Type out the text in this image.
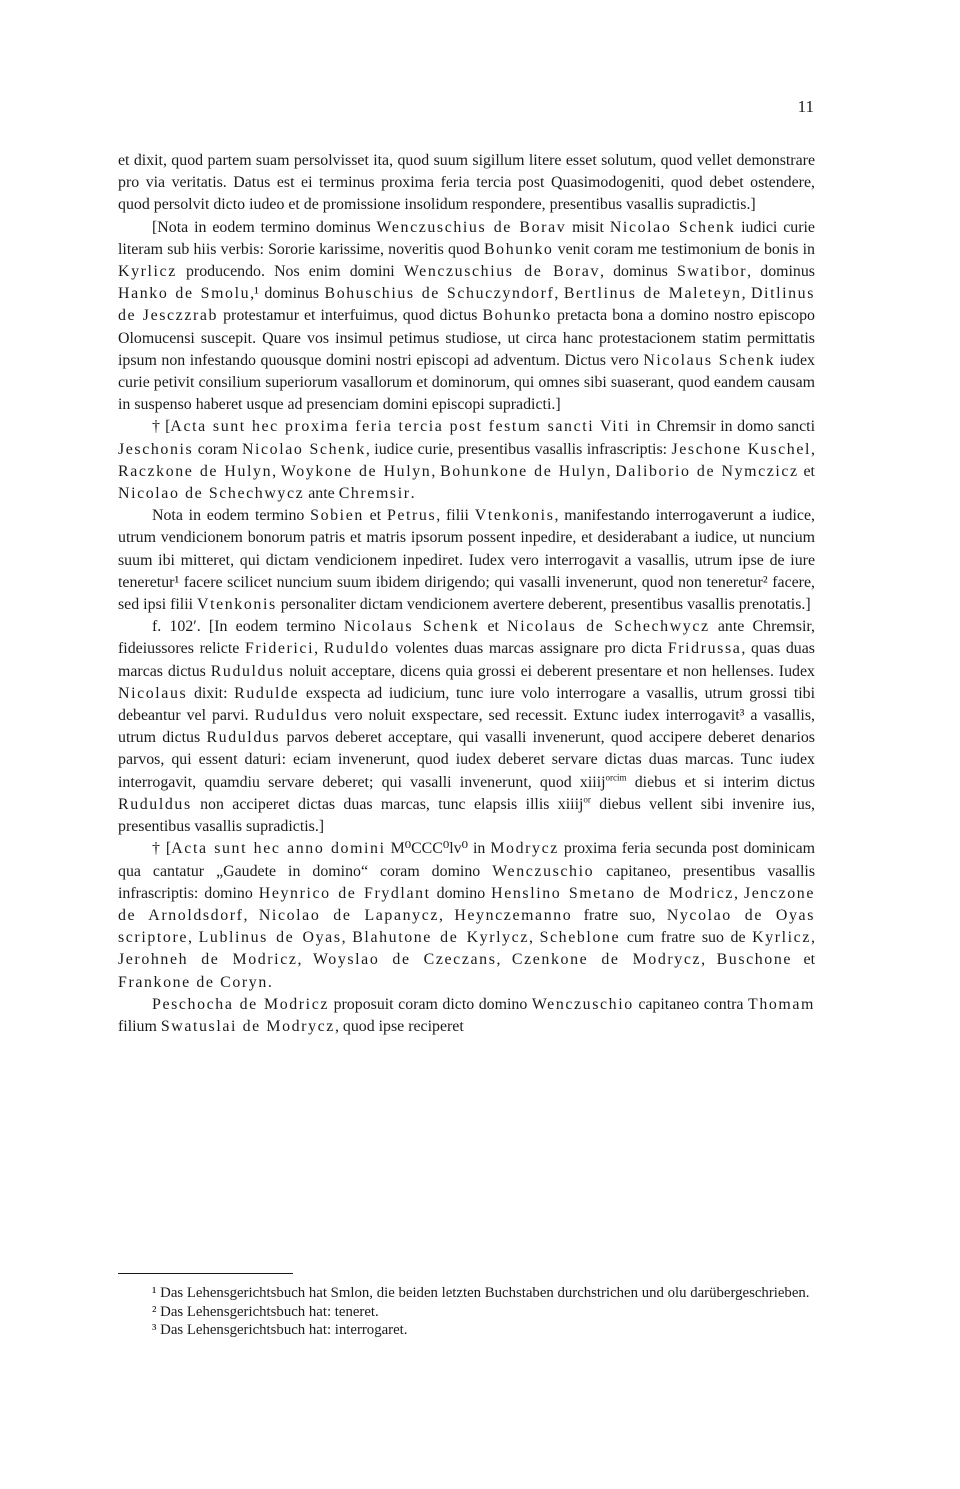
11

et dixit, quod partem suam persolvisset ita, quod suum sigillum litere esset solutum, quod vellet demonstrare pro via veritatis. Datus est ei terminus proxima feria tercia post Quasimodogeniti, quod debet ostendere, quod persolvit dicto iudeo et de promissione insolidum respondere, presentibus vasallis supradictis.]

[Nota in eodem termino dominus Wenczuschius de Borav misit Nicolao Schenk iudici curie literam sub hiis verbis: Sororie karissime, noveritis quod Bohunko venit coram me testimonium de bonis in Kyrlicz producendo. Nos enim domini Wenczuschius de Borav, dominus Swatibor, dominus Hanko de Smolu,¹ dominus Bohuschius de Schuczyndorf, Bertlinus de Maleteyn, Ditlinus de Jesczzrab protestamur et interfuimus, quod dictus Bohunko pretacta bona a domino nostro episcopo Olomucensi suscepit. Quare vos insimul petimus studiose, ut circa hanc protestacionem statim permittatis ipsum non infestando quousque domini nostri episcopi ad adventum. Dictus vero Nicolaus Schenk iudex curie petivit consilium superiorum vasallorum et dominorum, qui omnes sibi suaserant, quod eandem causam in suspenso haberet usque ad presenciam domini episcopi supradicti.]

† [Acta sunt hec proxima feria tercia post festum sancti Viti in Chremsir in domo sancti Jeschonis coram Nicolao Schenk, iudice curie, presentibus vasallis infrascriptis: Jeschone Kuschel, Raczkone de Hulyn, Woykone de Hulyn, Bohunkone de Hulyn, Daliborio de Nymczicz et Nicolao de Schechwycz ante Chremsir.

Nota in eodem termino Sobien et Petrus, filii Vtenkonis, manifestando interrogaverunt a iudice, utrum vendicionem bonorum patris et matris ipsorum possent inpedire, et desiderabant a iudice, ut nuncium suum ibi mitteret, qui dictam vendicionem inpediret. Iudex vero interrogavit a vasallis, utrum ipse de iure teneretur¹ facere scilicet nuncium suum ibidem dirigendo; qui vasalli invenerunt, quod non teneretur² facere, sed ipsi filii Vtenkonis personaliter dictam vendicionem avertere deberent, presentibus vasallis prenotatis.]

f. 102′. [In eodem termino Nicolaus Schenk et Nicolaus de Schechwycz ante Chremsir, fideiussores relicte Friderici, Ruduldo volentes duas marcas assignare pro dicta Fridrussa, quas duas marcas dictus Ruduldus noluit acceptare, dicens quia grossi ei deberent presentare et non hellenses. Iudex Nicolaus dixit: Rudulde exspecta ad iudicium, tunc iure volo interrogare a vasallis, utrum grossi tibi debeantur vel parvi. Ruduldus vero noluit exspectare, sed recessit. Extunc iudex interrogavit³ a vasallis, utrum dictus Ruduldus parvos deberet acceptare, qui vasalli invenerunt, quod accipere deberet denarios parvos, qui essent daturi: eciam invenerunt, quod iudex deberet servare dictas duas marcas. Tunc iudex interrogavit, quamdiu servare deberet; qui vasalli invenerunt, quod xiiij$^{orcim}$ diebus et si interim dictus Ruduldus non acciperet dictas duas marcas, tunc elapsis illis xiiij$^{or}$ diebus vellent sibi invenire ius, presentibus vasallis supradictis.]

† [Acta sunt hec anno domini M⁰CCC⁰lv⁰ in Modrycz proxima feria secunda post dominicam qua cantatur „Gaudete in domino“ coram domino Wenczuschio capitaneo, presentibus vasallis infrascriptis: domino Heynrico de Frydlant domino Henslino Smetano de Modricz, Jenczone de Arnoldsdorf, Nicolao de Lapanycz, Heynczemanno fratre suo, Nycolao de Oyas scriptore, Lublinus de Oyas, Blahutone de Kyrlycz, Scheblone cum fratre suo de Kyrlicz, Jerohneh de Modricz, Woyslao de Czeczans, Czenkone de Modrycz, Buschone et Frankone de Coryn.

Peschocha de Modricz proposuit coram dicto domino Wenczuschio capitaneo contra Thomam filium Swatuslai de Modrycz, quod ipse reciperet

¹ Das Lehensgerichtsbuch hat Smlon, die beiden letzten Buchstaben durchstrichen und olu darübergeschrieben.

² Das Lehensgerichtsbuch hat: teneret.

³ Das Lehensgerichtsbuch hat: interrogaret.
